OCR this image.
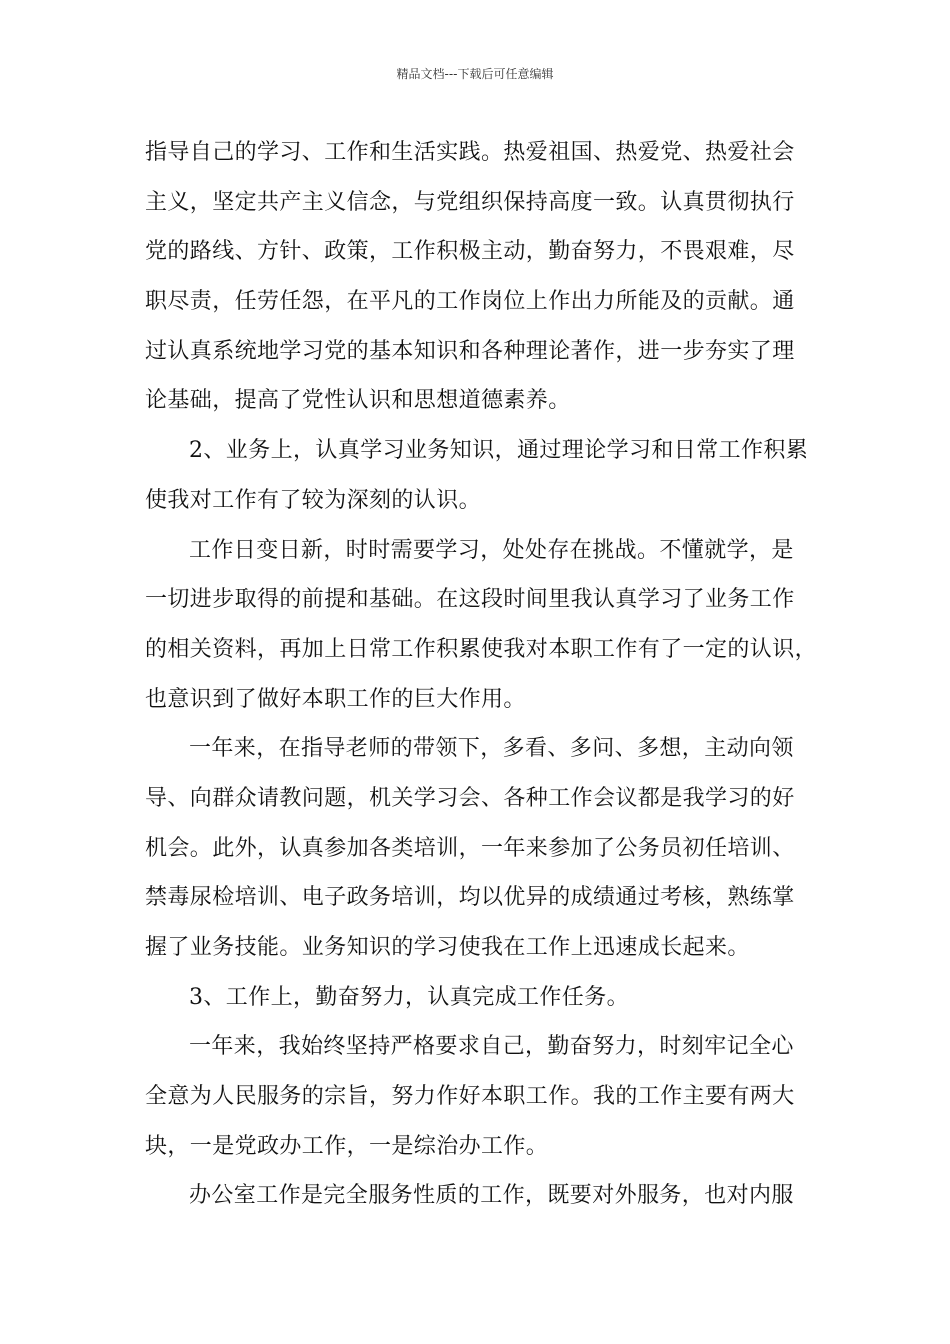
精品文档---下载后可任意编辑
指导自己的学习、工作和生活实践。热爱祖国、热爱党、热爱社会
主义，坚定共产主义信念，与党组织保持高度一致。认真贯彻执行
党的路线、方针、政策，工作积极主动，勤奋努力，不畏艰难，尽
职尽责，任劳任怨，在平凡的工作岗位上作出力所能及的贡献。通
过认真系统地学习党的基本知识和各种理论著作，进一步夯实了理
论基础，提高了党性认识和思想道德素养。
2、业务上，认真学习业务知识，通过理论学习和日常工作积累
使我对工作有了较为深刻的认识。
工作日变日新，时时需要学习，处处存在挑战。不懂就学，是
一切进步取得的前提和基础。在这段时间里我认真学习了业务工作
的相关资料，再加上日常工作积累使我对本职工作有了一定的认识，
也意识到了做好本职工作的巨大作用。
一年来，在指导老师的带领下，多看、多问、多想，主动向领
导、向群众请教问题，机关学习会、各种工作会议都是我学习的好
机会。此外，认真参加各类培训，一年来参加了公务员初任培训、
禁毒尿检培训、电子政务培训，均以优异的成绩通过考核，熟练掌
握了业务技能。业务知识的学习使我在工作上迅速成长起来。
3、工作上，勤奋努力，认真完成工作任务。
一年来，我始终坚持严格要求自己，勤奋努力，时刻牢记全心
全意为人民服务的宗旨，努力作好本职工作。我的工作主要有两大
块，一是党政办工作，一是综治办工作。
办公室工作是完全服务性质的工作，既要对外服务，也对内服
